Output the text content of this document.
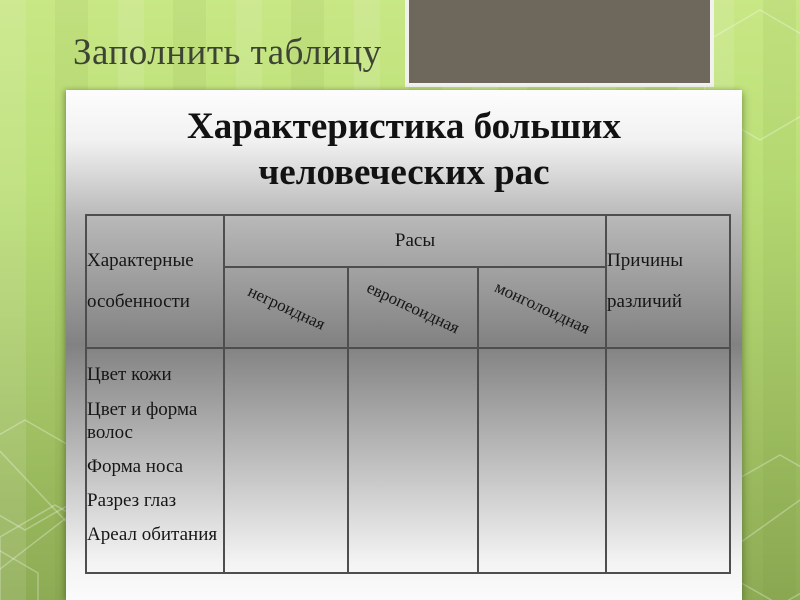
Заполнить таблицу
Характеристика больших человеческих рас
Характерные особенности	Расы			Причины различий
	негроидная	европеоидная	монголоидная	

Цвет кожи
Цвет и форма волос
Форма носа
Разрез глаз
Ареал обитания				
